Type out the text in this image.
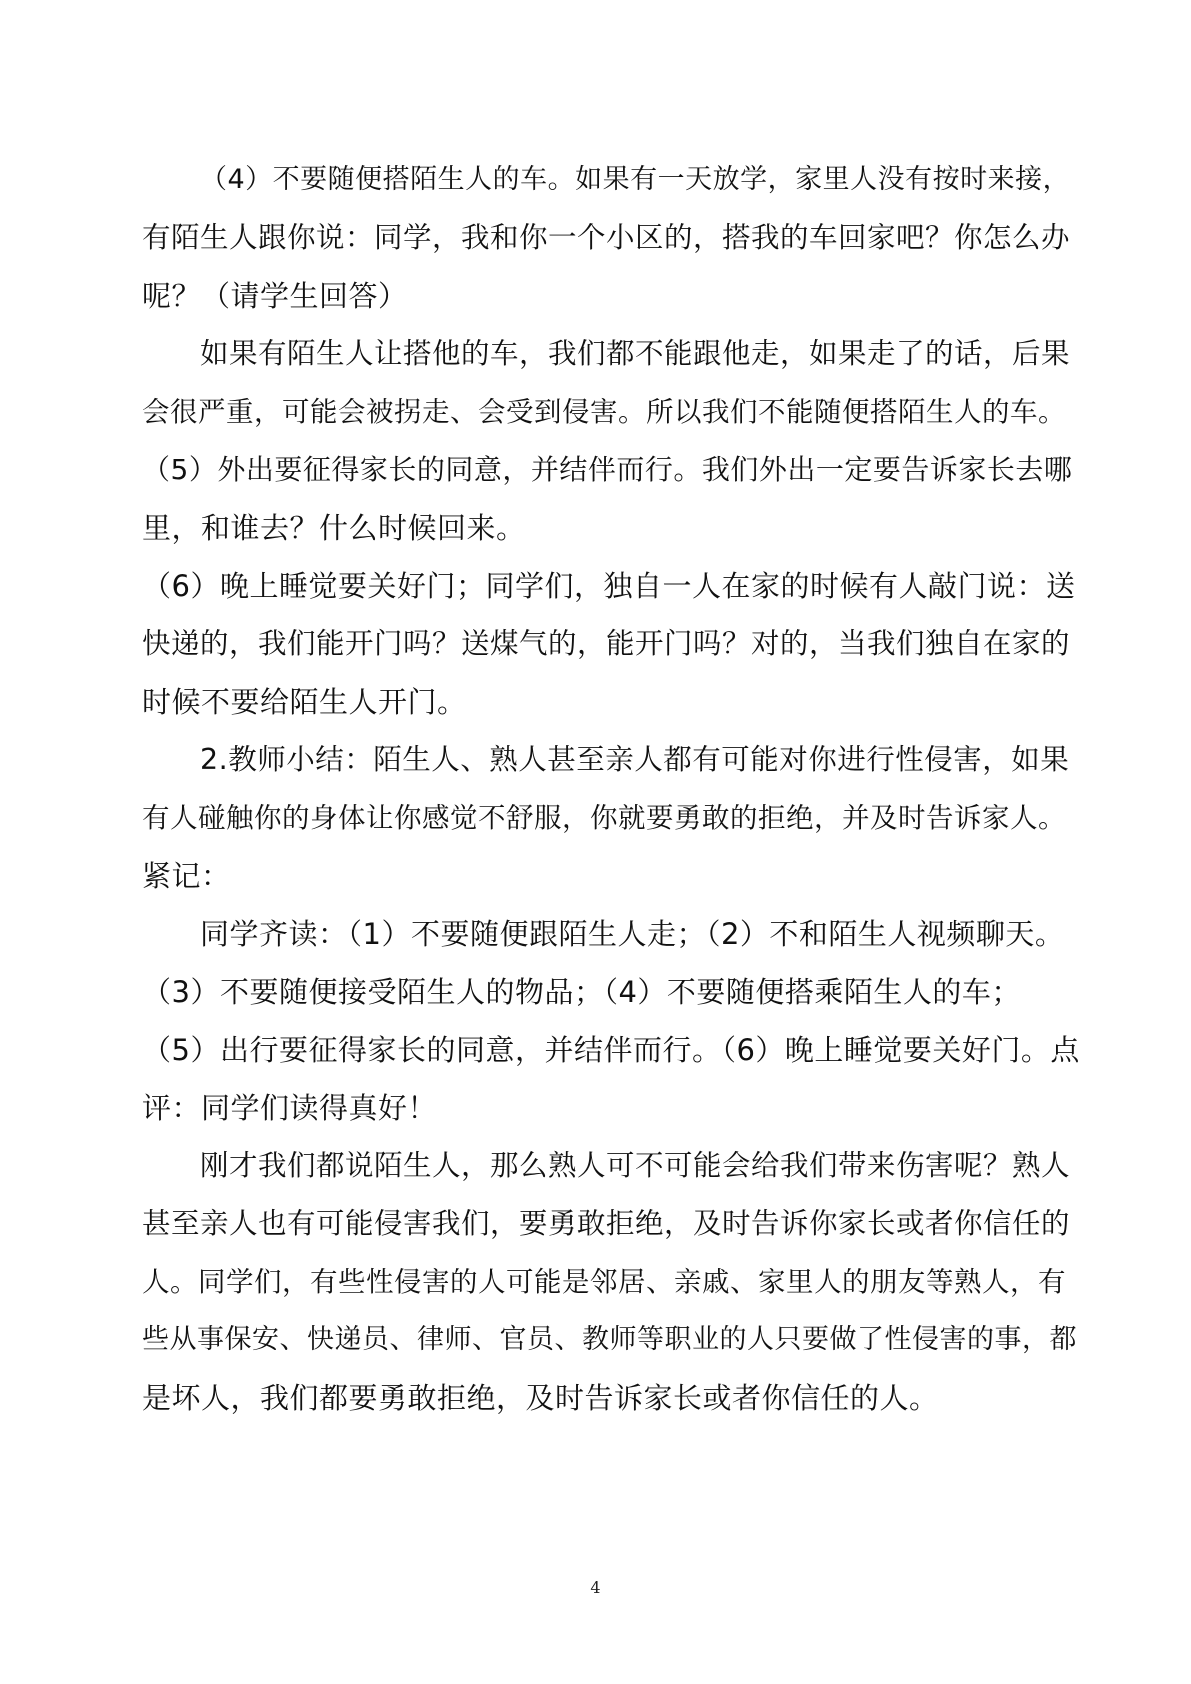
（4）不要随便搭陌生人的车。如果有一天放学，家里人没有按时来接，
有陌生人跟你说：同学，我和你一个小区的，搭我的车回家吧？你怎么办
呢？（请学生回答）
如果有陌生人让搭他的车，我们都不能跟他走，如果走了的话，后果
会很严重，可能会被拐走、会受到侵害。所以我们不能随便搭陌生人的车。
（5）外出要征得家长的同意，并结伴而行。我们外出一定要告诉家长去哪
里，和谁去？什么时候回来。
（6）晚上睡觉要关好门；同学们，独自一人在家的时候有人敲门说：送
快递的，我们能开门吗？送煤气的，能开门吗？对的，当我们独自在家的
时候不要给陌生人开门。
2.教师小结：陌生人、熟人甚至亲人都有可能对你进行性侵害，如果
有人碰触你的身体让你感觉不舒服，你就要勇敢的拒绝，并及时告诉家人。
紧记：
同学齐读：（1）不要随便跟陌生人走；（2）不和陌生人视频聊天。
（3）不要随便接受陌生人的物品；（4）不要随便搭乘陌生人的车；
（5）出行要征得家长的同意，并结伴而行。（6）晚上睡觉要关好门。点
评：同学们读得真好！
刚才我们都说陌生人，那么熟人可不可能会给我们带来伤害呢？熟人
甚至亲人也有可能侵害我们，要勇敢拒绝，及时告诉你家长或者你信任的
人。同学们，有些性侵害的人可能是邻居、亲戚、家里人的朋友等熟人，有
些从事保安、快递员、律师、官员、教师等职业的人只要做了性侵害的事，都
是坏人，我们都要勇敢拒绝，及时告诉家长或者你信任的人。
4
